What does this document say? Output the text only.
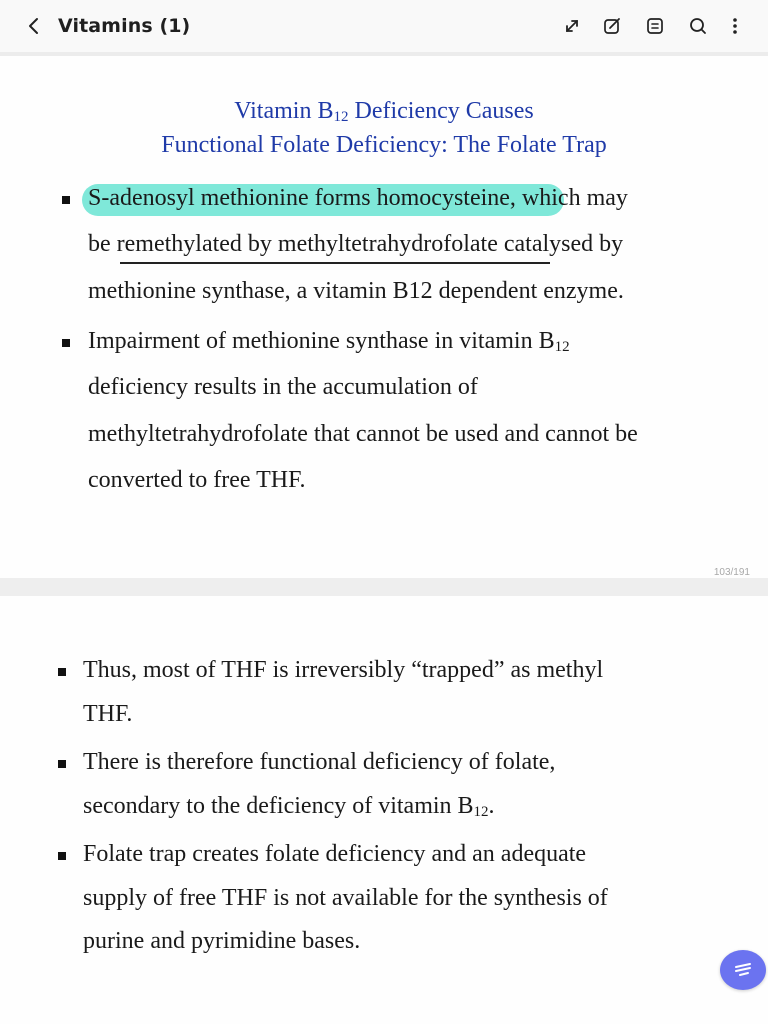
Vitamins (1)
Vitamin $B_{12}$ Deficiency Causes
Functional Folate Deficiency: The Folate Trap
S-adenosyl methionine forms homocysteine, which may
be remethylated by methyltetrahydrofolate catalysed by
methionine synthase, a vitamin B12 dependent enzyme.
Impairment of methionine synthase in vitamin $B_{12}$
deficiency results in the accumulation of
methyltetrahydrofolate that cannot be used and cannot be
converted to free THF.
103/191
Thus, most of THF is irreversibly “trapped” as methyl
THF.
There is therefore functional deficiency of folate,
secondary to the deficiency of vitamin $B_{12}$.
Folate trap creates folate deficiency and an adequate
supply of free THF is not available for the synthesis of
purine and pyrimidine bases.
